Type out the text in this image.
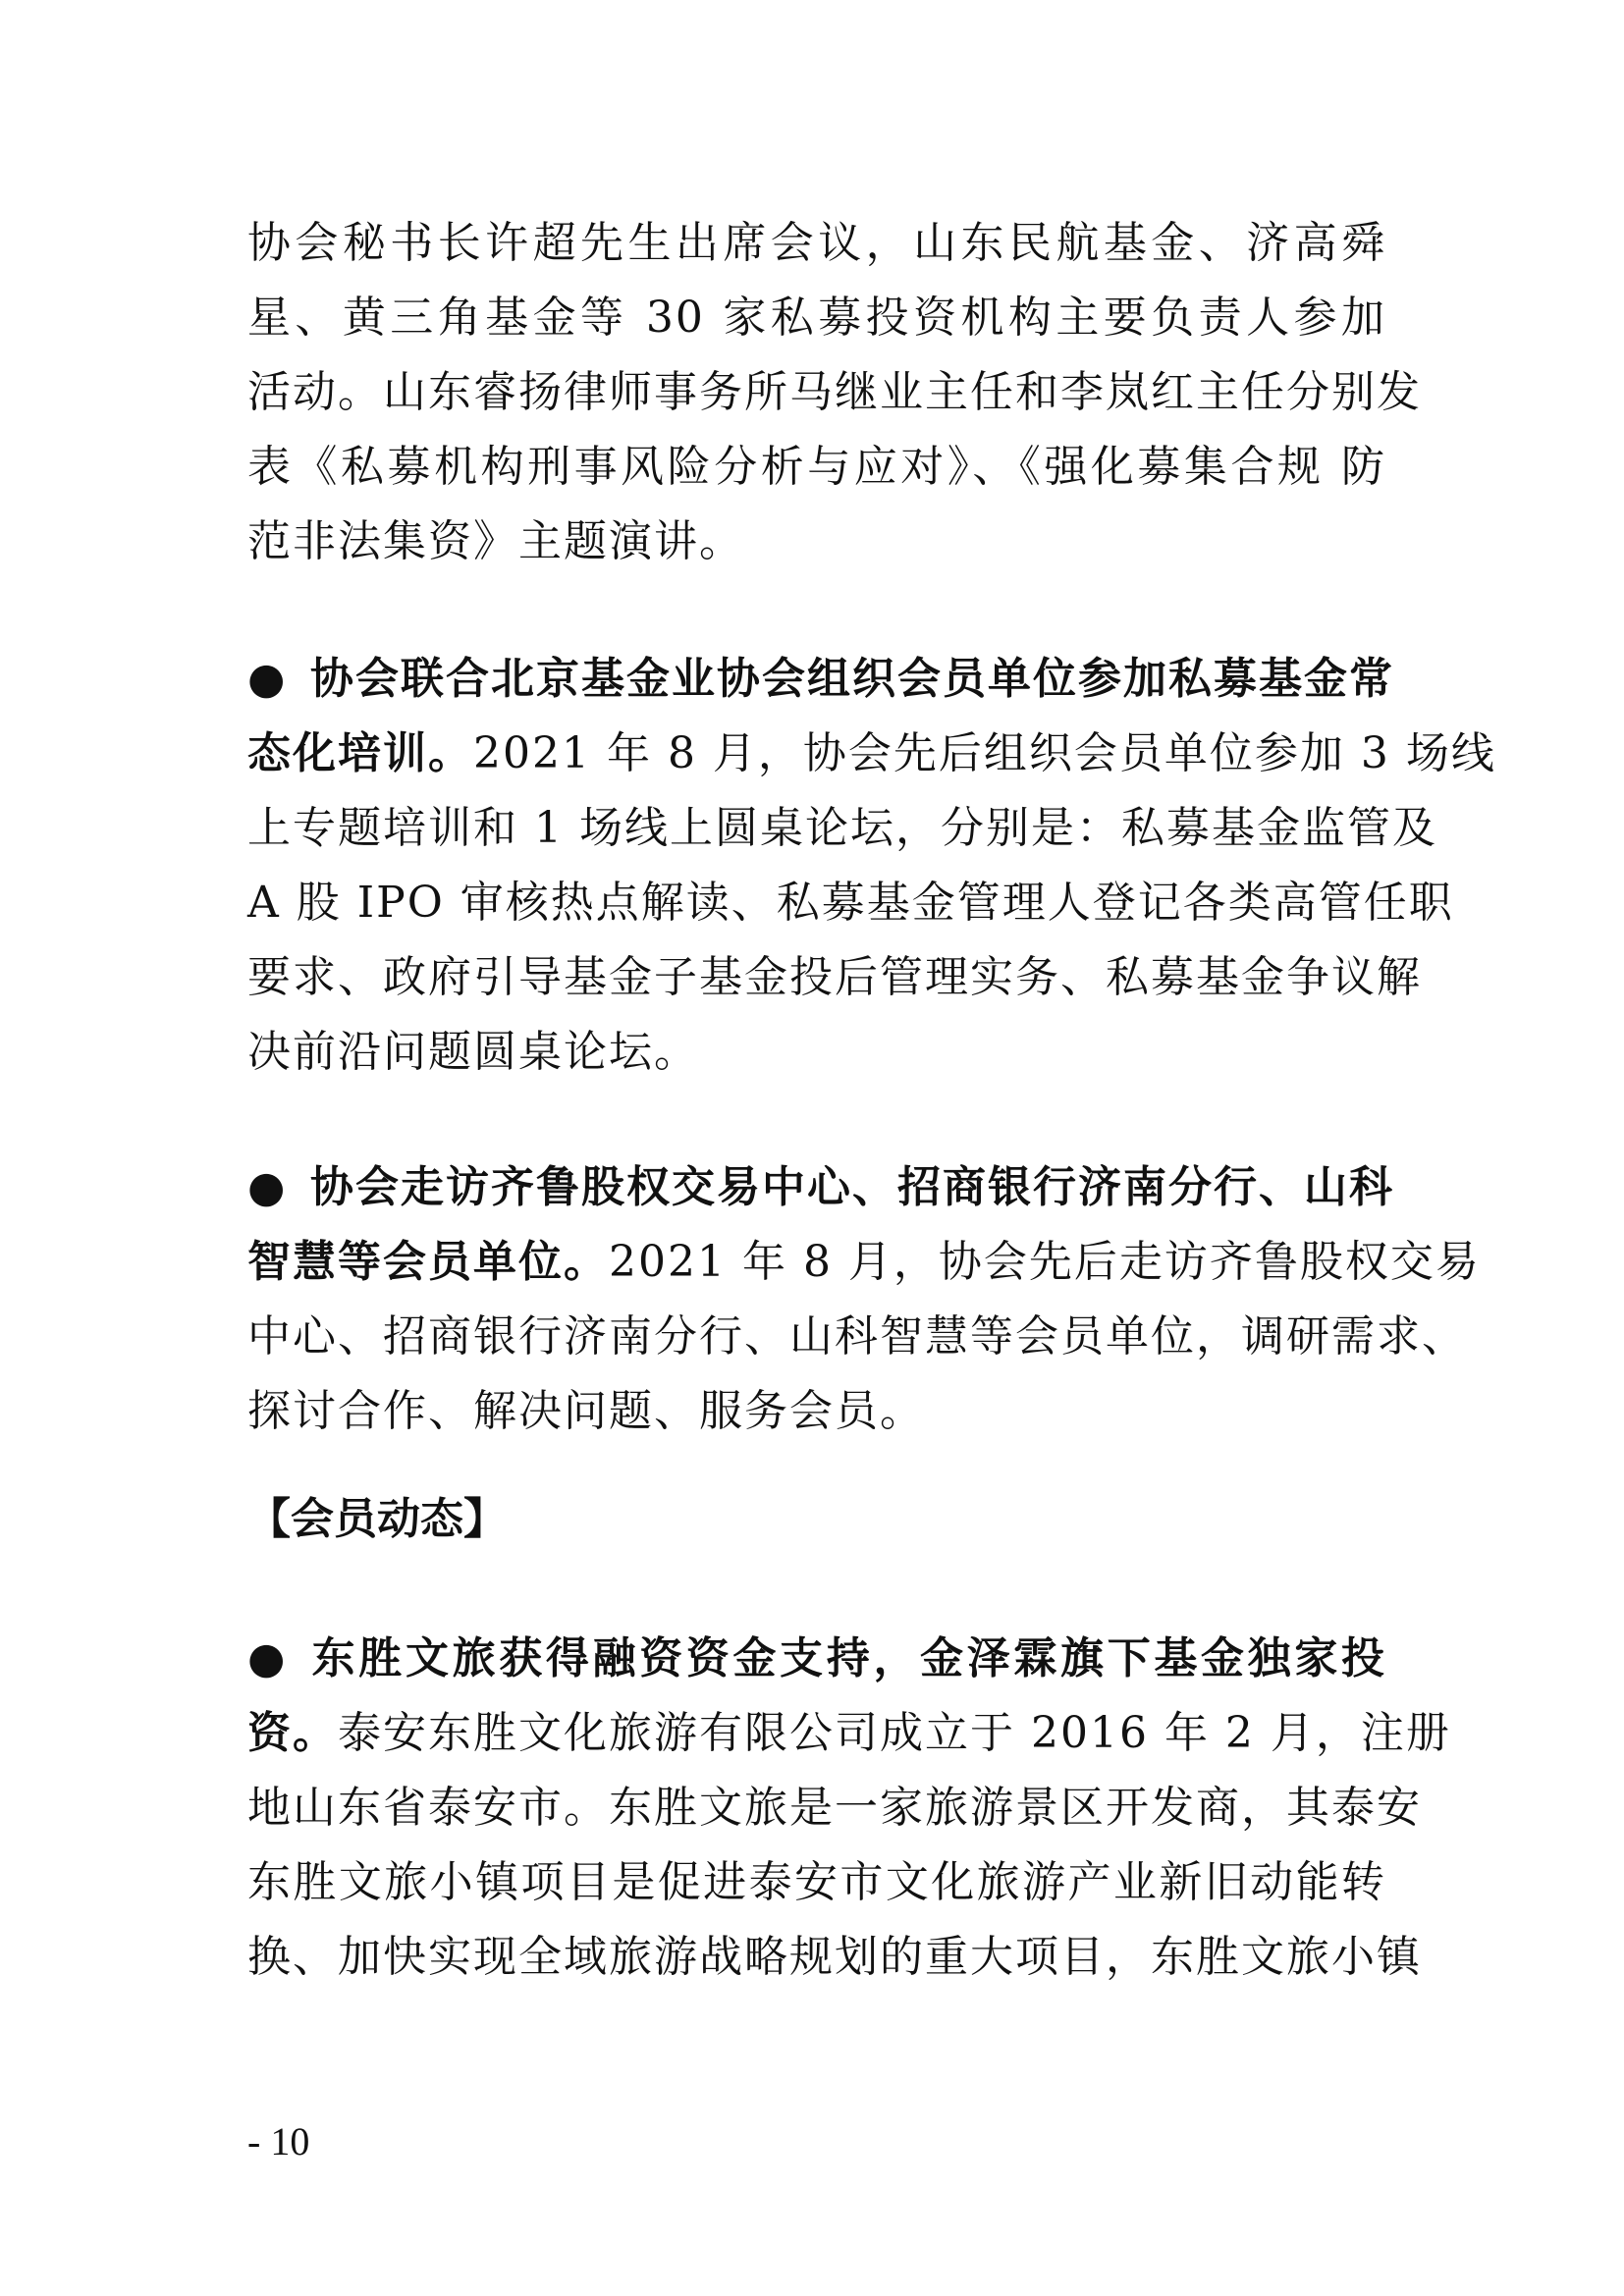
协会秘书长许超先生出席会议，山东民航基金、济高舜
星、黄三角基金等 30 家私募投资机构主要负责人参加
活动。山东睿扬律师事务所马继业主任和李岚红主任分别发
表《私募机构刑事风险分析与应对》、《强化募集合规 防
范非法集资》主题演讲。
● 协会联合北京基金业协会组织会员单位参加私募基金常
态化培训。2021 年 8 月，协会先后组织会员单位参加 3 场线
上专题培训和 1 场线上圆桌论坛，分别是：私募基金监管及
A 股 IPO 审核热点解读、私募基金管理人登记各类高管任职
要求、政府引导基金子基金投后管理实务、私募基金争议解
决前沿问题圆桌论坛。
● 协会走访齐鲁股权交易中心、招商银行济南分行、山科
智慧等会员单位。2021 年 8 月，协会先后走访齐鲁股权交易
中心、招商银行济南分行、山科智慧等会员单位，调研需求、
探讨合作、解决问题、服务会员。
【会员动态】
● 东胜文旅获得融资资金支持，金泽霖旗下基金独家投
资。泰安东胜文化旅游有限公司成立于 2016 年 2 月，注册
地山东省泰安市。东胜文旅是一家旅游景区开发商，其泰安
东胜文旅小镇项目是促进泰安市文化旅游产业新旧动能转
换、加快实现全域旅游战略规划的重大项目，东胜文旅小镇
- 10
